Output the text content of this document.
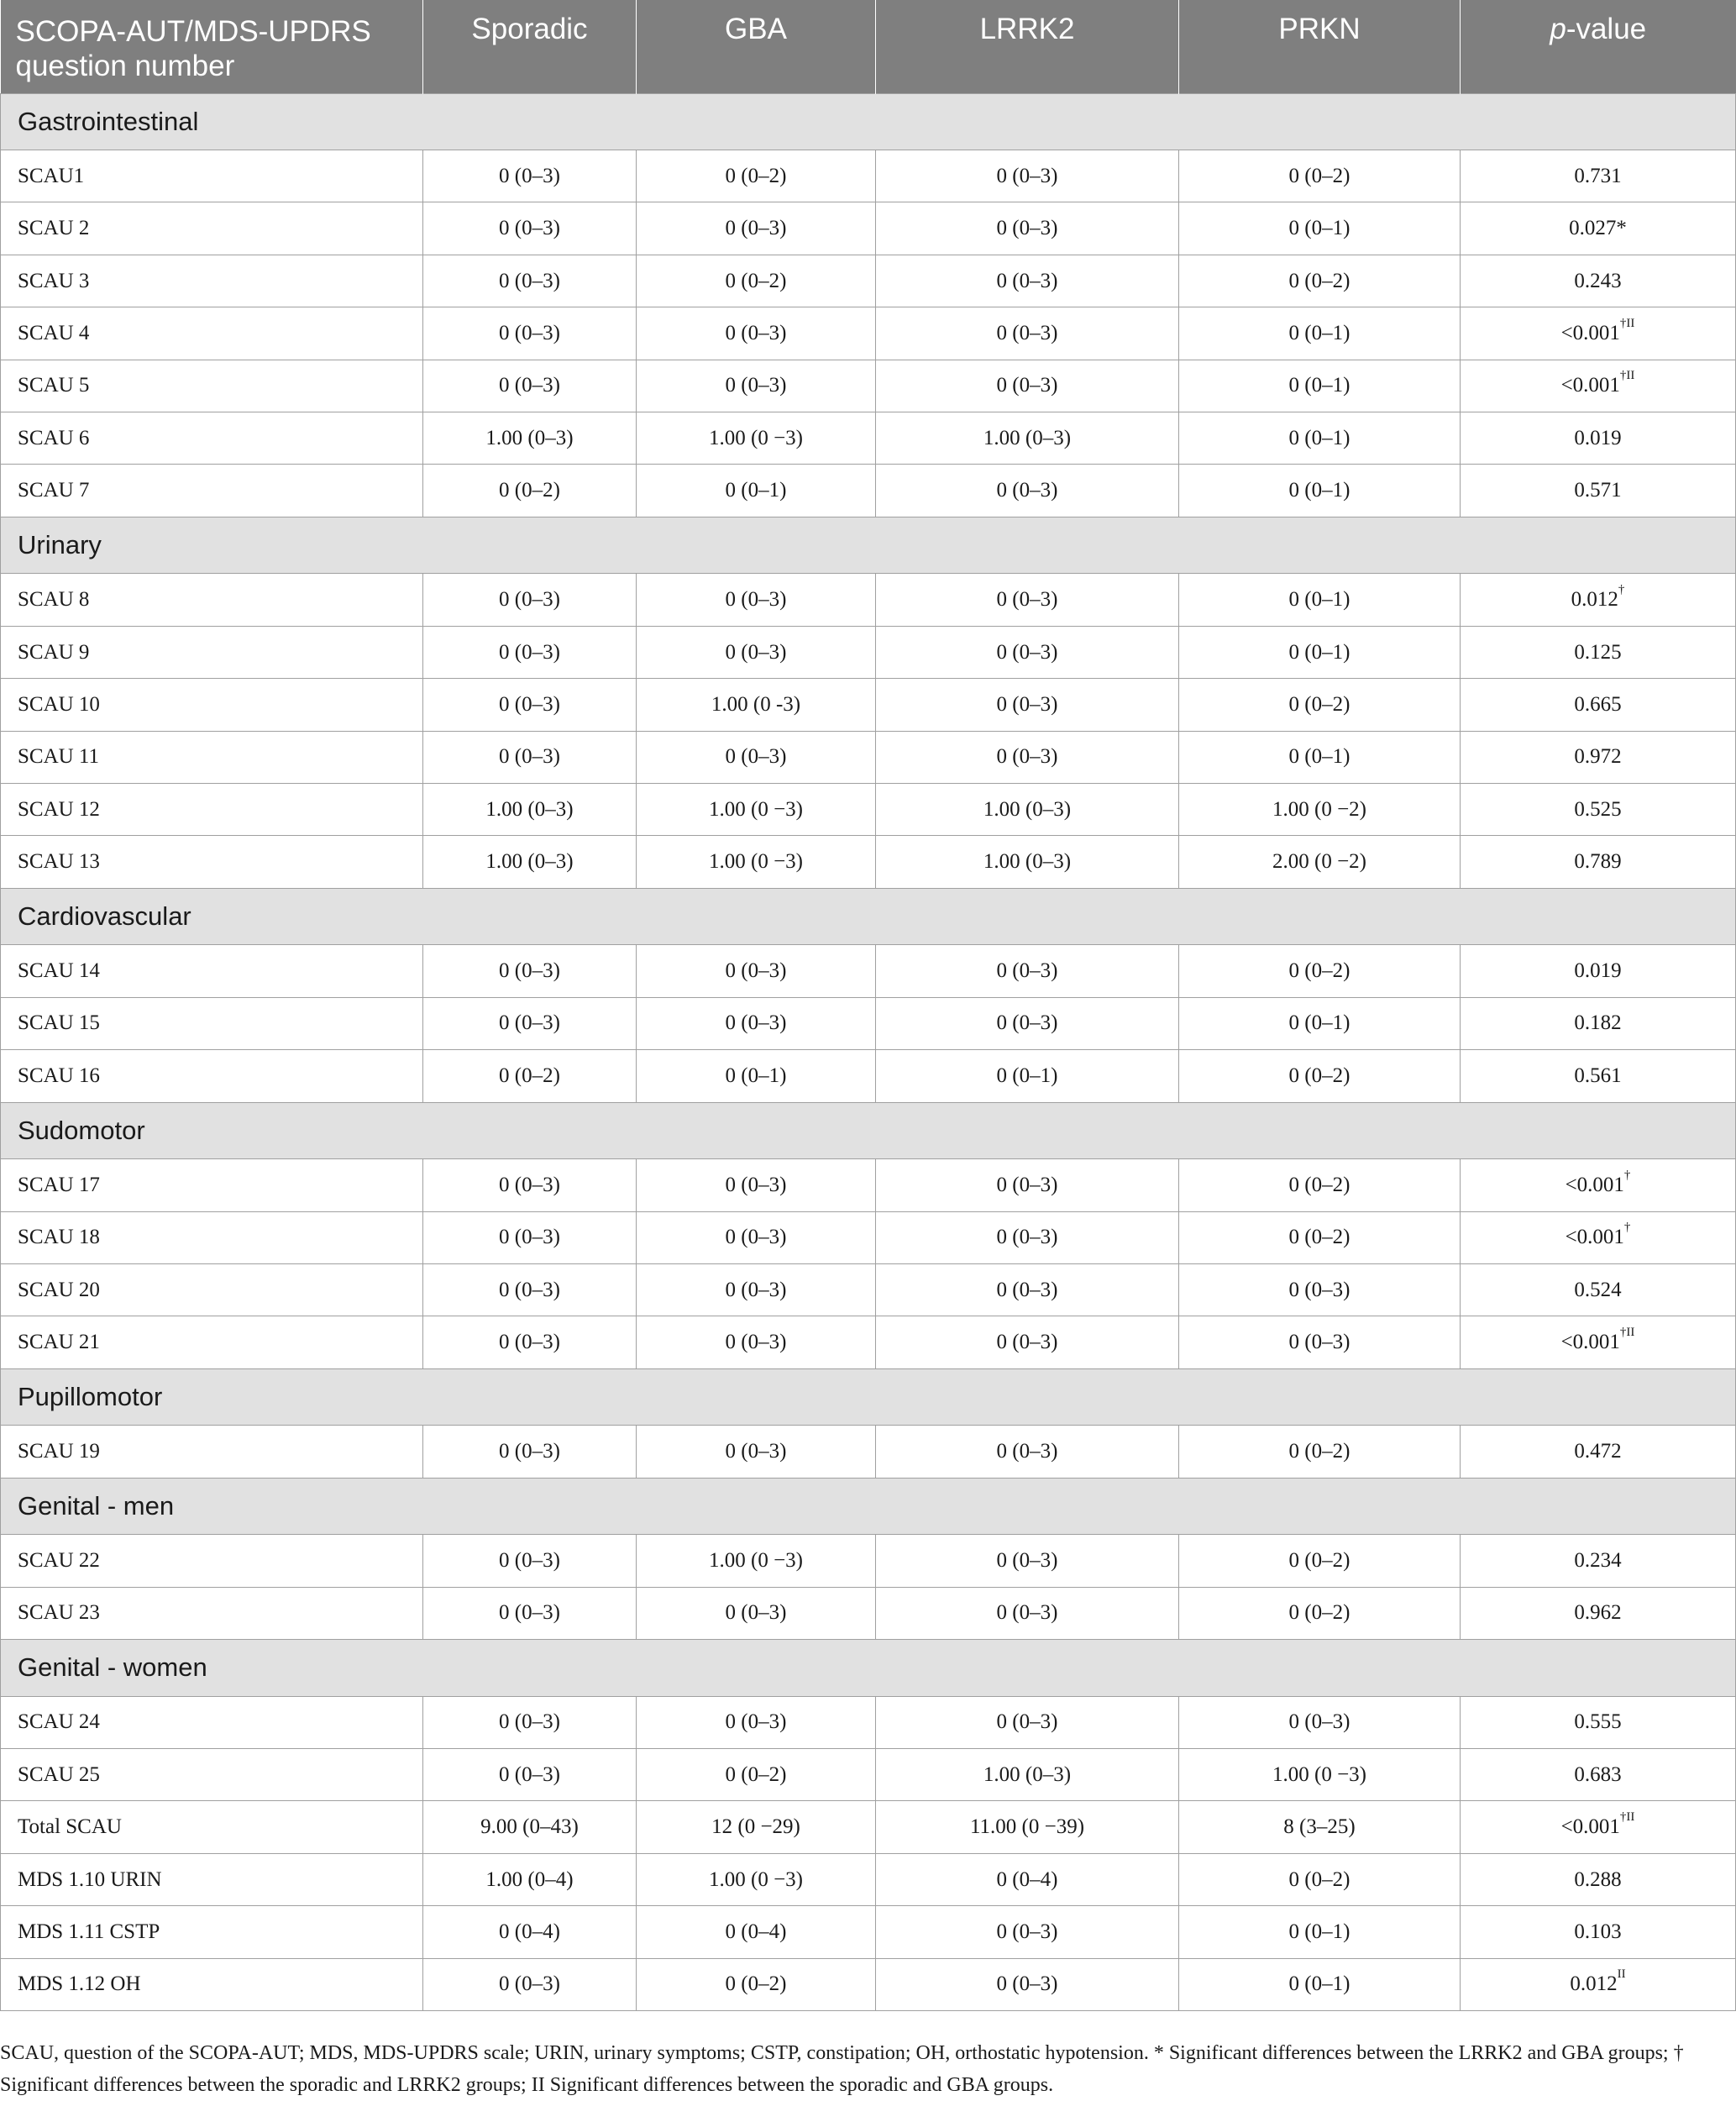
SCOPA-AUT/MDS-UPDRS question number	Sporadic	GBA	LRRK2	PRKN	p-value
Gastrointestinal					
SCAU1	0 (0–3)	0 (0–2)	0 (0–3)	0 (0–2)	0.731
SCAU 2	0 (0–3)	0 (0–3)	0 (0–3)	0 (0–1)	0.027*
SCAU 3	0 (0–3)	0 (0–2)	0 (0–3)	0 (0–2)	0.243
SCAU 4	0 (0–3)	0 (0–3)	0 (0–3)	0 (0–1)	$<0.001^{\dagger II}$
SCAU 5	0 (0–3)	0 (0–3)	0 (0–3)	0 (0–1)	$<0.001^{\dagger II}$
SCAU 6	1.00 (0–3)	1.00 (0 −3)	1.00 (0–3)	0 (0–1)	0.019
SCAU 7	0 (0–2)	0 (0–1)	0 (0–3)	0 (0–1)	0.571
Urinary					
SCAU 8	0 (0–3)	0 (0–3)	0 (0–3)	0 (0–1)	0.012†
SCAU 9	0 (0–3)	0 (0–3)	0 (0–3)	0 (0–1)	0.125
SCAU 10	0 (0–3)	1.00 (0 -3)	0 (0–3)	0 (0–2)	0.665
SCAU 11	0 (0–3)	0 (0–3)	0 (0–3)	0 (0–1)	0.972
SCAU 12	1.00 (0–3)	1.00 (0 −3)	1.00 (0–3)	1.00 (0 −2)	0.525
SCAU 13	1.00 (0–3)	1.00 (0 −3)	1.00 (0–3)	2.00 (0 −2)	0.789
Cardiovascular					
SCAU 14	0 (0–3)	0 (0–3)	0 (0–3)	0 (0–2)	0.019
SCAU 15	0 (0–3)	0 (0–3)	0 (0–3)	0 (0–1)	0.182
SCAU 16	0 (0–2)	0 (0–1)	0 (0–1)	0 (0–2)	0.561
Sudomotor					
SCAU 17	0 (0–3)	0 (0–3)	0 (0–3)	0 (0–2)	<0.001†
SCAU 18	0 (0–3)	0 (0–3)	0 (0–3)	0 (0–2)	<0.001†
SCAU 20	0 (0–3)	0 (0–3)	0 (0–3)	0 (0–3)	0.524
SCAU 21	0 (0–3)	0 (0–3)	0 (0–3)	0 (0–3)	$<0.001^{\dagger II}$
Pupillomotor					
SCAU 19	0 (0–3)	0 (0–3)	0 (0–3)	0 (0–2)	0.472
Genital - men					
SCAU 22	0 (0–3)	1.00 (0 −3)	0 (0–3)	0 (0–2)	0.234
SCAU 23	0 (0–3)	0 (0–3)	0 (0–3)	0 (0–2)	0.962
Genital - women					
SCAU 24	0 (0–3)	0 (0–3)	0 (0–3)	0 (0–3)	0.555
SCAU 25	0 (0–3)	0 (0–2)	1.00 (0–3)	1.00 (0 −3)	0.683
Total SCAU	9.00 (0–43)	12 (0 −29)	11.00 (0 −39)	8 (3–25)	$<0.001^{\dagger II}$
MDS 1.10 URIN	1.00 (0–4)	1.00 (0 −3)	0 (0–4)	0 (0–2)	0.288
MDS 1.11 CSTP	0 (0–4)	0 (0–4)	0 (0–3)	0 (0–1)	0.103
MDS 1.12 OH	0 (0–3)	0 (0–2)	0 (0–3)	0 (0–1)	$0.012^{II}$
SCAU, question of the SCOPA-AUT; MDS, MDS-UPDRS scale; URIN, urinary symptoms; CSTP, constipation; OH, orthostatic hypotension. * Significant differences between the LRRK2 and GBA groups; † Significant differences between the sporadic and LRRK2 groups; II Significant differences between the sporadic and GBA groups.
